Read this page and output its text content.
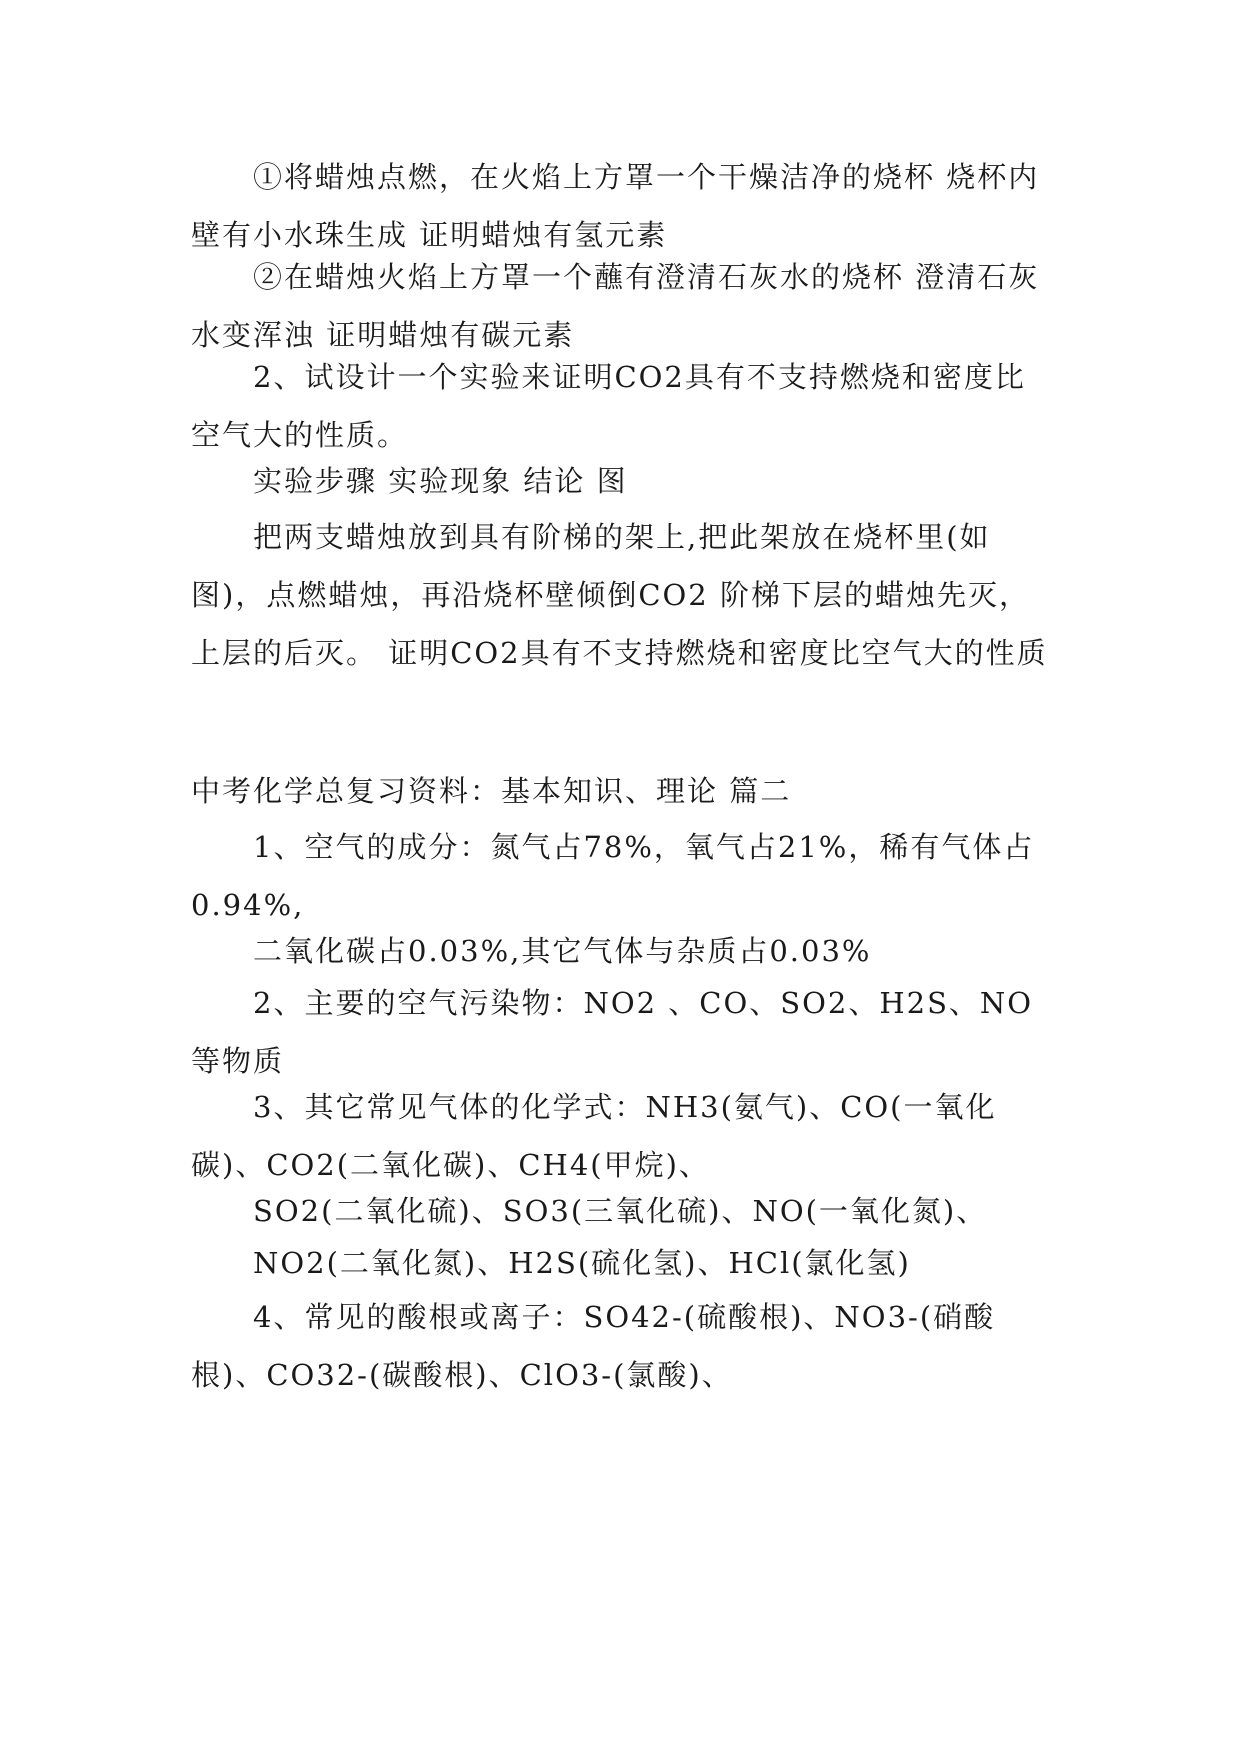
①将蜡烛点燃，在火焰上方罩一个干燥洁净的烧杯 烧杯内壁有小水珠生成 证明蜡烛有氢元素

②在蜡烛火焰上方罩一个蘸有澄清石灰水的烧杯 澄清石灰水变浑浊 证明蜡烛有碳元素

2、试设计一个实验来证明CO2具有不支持燃烧和密度比空气大的性质。

实验步骤 实验现象 结论 图

把两支蜡烛放到具有阶梯的架上,把此架放在烧杯里(如图)，点燃蜡烛，再沿烧杯壁倾倒CO2 阶梯下层的蜡烛先灭，上层的后灭。 证明CO2具有不支持燃烧和密度比空气大的性质

中考化学总复习资料：基本知识、理论 篇二

1、空气的成分：氮气占78%，氧气占21%，稀有气体占0.94%,

二氧化碳占0.03%,其它气体与杂质占0.03%

2、主要的空气污染物：NO2 、CO、SO2、H2S、NO等物质

3、其它常见气体的化学式：NH3(氨气)、CO(一氧化碳)、CO2(二氧化碳)、CH4(甲烷)、

SO2(二氧化硫)、SO3(三氧化硫)、NO(一氧化氮)、

NO2(二氧化氮)、H2S(硫化氢)、HCl(氯化氢)

4、常见的酸根或离子：SO42-(硫酸根)、NO3-(硝酸根)、CO32-(碳酸根)、ClO3-(氯酸)、
